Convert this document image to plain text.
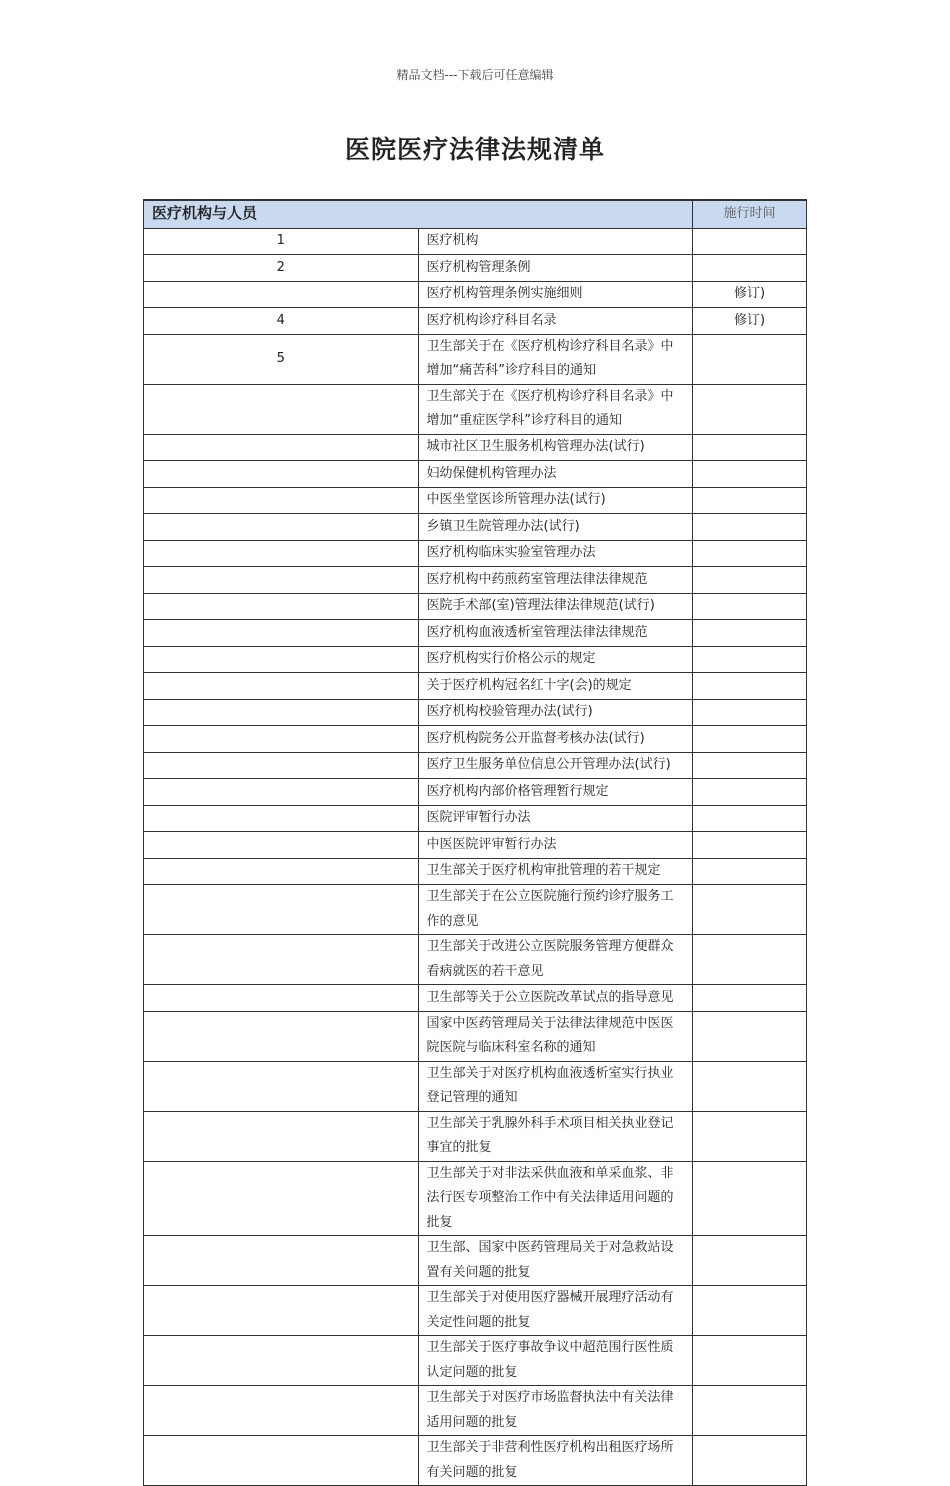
精品文档---下载后可任意编辑
医院医疗法律法规清单
医疗机构与人员		施行时间
1	医疗机构	
2	医疗机构管理条例	
	医疗机构管理条例实施细则	修订)
4	医疗机构诊疗科目名录	修订)
5	卫生部关于在《医疗机构诊疗科目名录》中增加“痛苦科”诊疗科目的通知	
	卫生部关于在《医疗机构诊疗科目名录》中增加“重症医学科”诊疗科目的通知	
	城市社区卫生服务机构管理办法(试行)	
	妇幼保健机构管理办法	
	中医坐堂医诊所管理办法(试行)	
	乡镇卫生院管理办法(试行)	
	医疗机构临床实验室管理办法	
	医疗机构中药煎药室管理法律法律规范	
	医院手术部(室)管理法律法律规范(试行)	
	医疗机构血液透析室管理法律法律规范	
	医疗机构实行价格公示的规定	
	关于医疗机构冠名红十字(会)的规定	
	医疗机构校验管理办法(试行)	
	医疗机构院务公开监督考核办法(试行)	
	医疗卫生服务单位信息公开管理办法(试行)	
	医疗机构内部价格管理暂行规定	
	医院评审暂行办法	
	中医医院评审暂行办法	
	卫生部关于医疗机构审批管理的若干规定	
	卫生部关于在公立医院施行预约诊疗服务工作的意见	
	卫生部关于改进公立医院服务管理方便群众看病就医的若干意见	
	卫生部等关于公立医院改革试点的指导意见	
	国家中医药管理局关于法律法律规范中医医院医院与临床科室名称的通知	
	卫生部关于对医疗机构血液透析室实行执业登记管理的通知	
	卫生部关于乳腺外科手术项目相关执业登记事宜的批复	
	卫生部关于对非法采供血液和单采血浆、非法行医专项整治工作中有关法律适用问题的批复	
	卫生部、国家中医药管理局关于对急救站设置有关问题的批复	
	卫生部关于对使用医疗器械开展理疗活动有关定性问题的批复	
	卫生部关于医疗事故争议中超范围行医性质认定问题的批复	
	卫生部关于对医疗市场监督执法中有关法律适用问题的批复	
	卫生部关于非营利性医疗机构出租医疗场所有关问题的批复	
